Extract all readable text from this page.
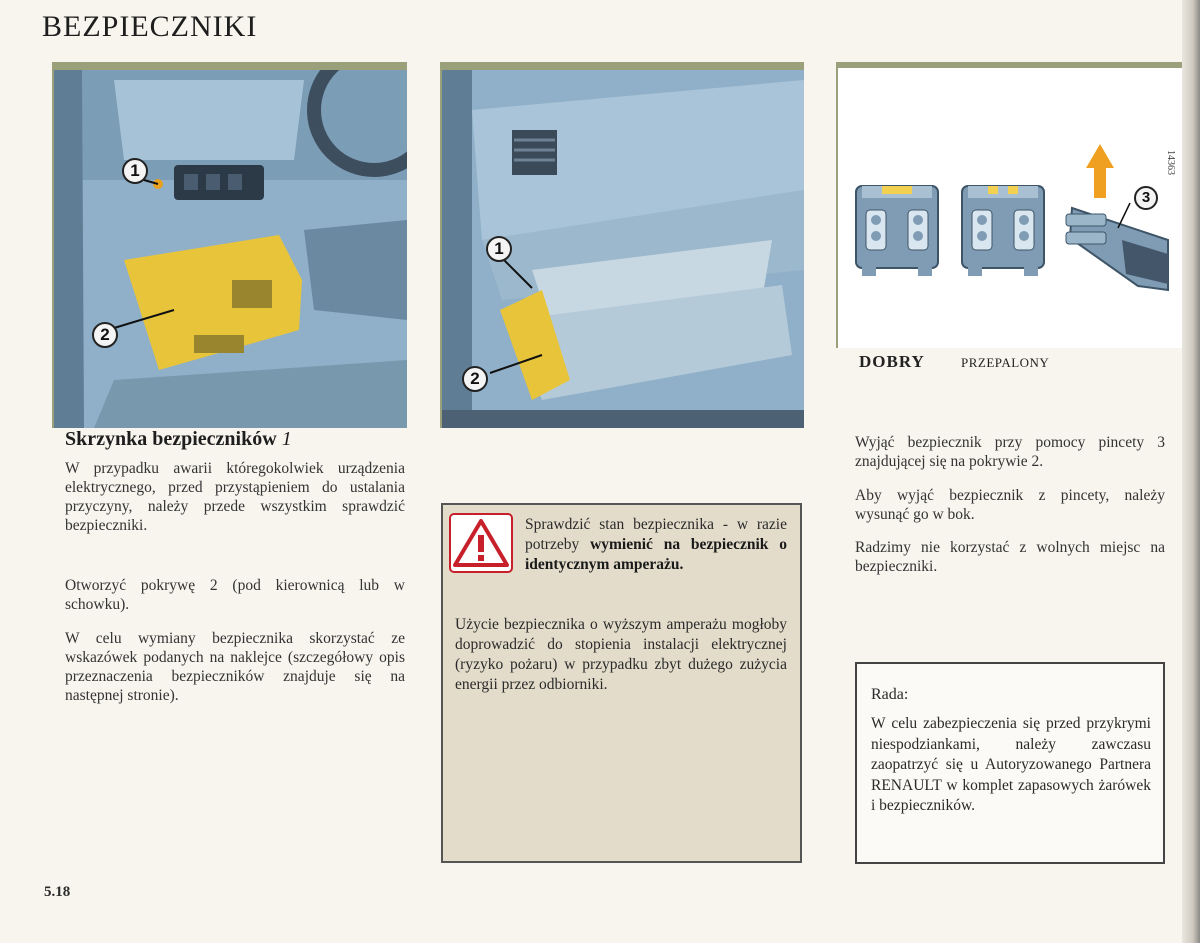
BEZPIECZNIKI
1
2
1
2
Skrzynka bezpieczników 1

W przypadku awarii któregokolwiek urządzenia elektrycznego, przed przystąpieniem do ustalania przyczyny, należy przede wszystkim sprawdzić bezpieczniki.

Otworzyć pokrywę 2 (pod kierownicą lub w schowku).

W celu wymiany bezpiecznika skorzystać ze wskazówek podanych na naklejce (szczegółowy opis przeznaczenia bezpieczników znajduje się na następnej stronie).

Sprawdzić stan bezpiecznika - w razie potrzeby wymienić na bezpiecznik o identycznym amperażu.

Użycie bezpiecznika o wyższym amperażu mogłoby doprowadzić do stopienia instalacji elektrycznej (ryzyko pożaru) w przypadku zbyt dużego zużycia energii przez odbiorniki.

3
DOBRY	PRZEPALONY

Wyjąć bezpiecznik przy pomocy pincety 3 znajdującej się na pokrywie 2.

Aby wyjąć bezpiecznik z pincety, należy wysunąć go w bok.

Radzimy nie korzystać z wolnych miejsc na bezpieczniki.

Rada:

W celu zabezpieczenia się przed przykrymi niespodziankami, należy zawczasu zaopatrzyć się u Autoryzowanego Partnera RENAULT w komplet zapasowych żarówek i bezpieczników.

5.18
14363
